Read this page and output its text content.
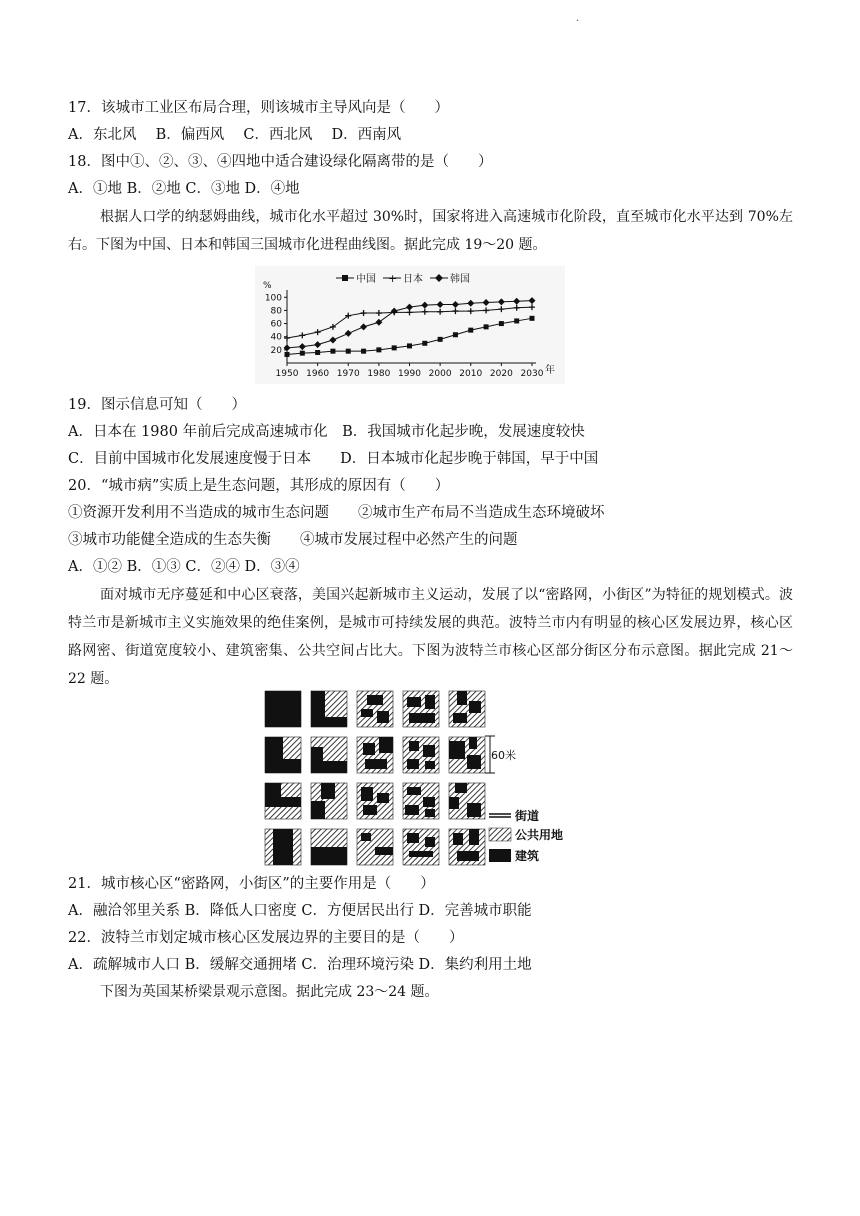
·
17．该城市工业区布局合理，则该城市主导风向是（　　）
A．东北风　 B．偏西风　 C．西北风　 D．西南风
18．图中①、②、③、④四地中适合建设绿化隔离带的是（　　）
A．①地 B．②地 C．③地 D．④地
根据人口学的纳瑟姆曲线，城市化水平超过 30%时，国家将进入高速城市化阶段，直至城市化水平达到 70%左右。下图为中国、日本和韩国三国城市化进程曲线图。据此完成 19～20 题。
中国 + 日本	韩国
%
20
40
60
80
100
1950 1960 1970 1980 1990 2000 2010 2020 2030 年
19．图示信息可知（　　）
A．日本在 1980 年前后完成高速城市化　B．我国城市化起步晚，发展速度较快
C．目前中国城市化发展速度慢于日本　　D．日本城市化起步晚于韩国，早于中国
20．“城市病”实质上是生态问题，其形成的原因有（　　）
①资源开发利用不当造成的城市生态问题　　②城市生产布局不当造成生态环境破坏
③城市功能健全造成的生态失衡　　④城市发展过程中必然产生的问题
A．①② B．①③ C．②④ D．③④
面对城市无序蔓延和中心区衰落，美国兴起新城市主义运动，发展了以“密路网，小街区”为特征的规划模式。波特兰市是新城市主义实施效果的绝佳案例，是城市可持续发展的典范。波特兰市内有明显的核心区发展边界，核心区路网密、街道宽度较小、建筑密集、公共空间占比大。下图为波特兰市核心区部分街区分布示意图。据此完成 21～22 题。
60米
街道
公共用地
建筑
21．城市核心区“密路网，小街区”的主要作用是（　　）
A．融洽邻里关系 B．降低人口密度 C．方便居民出行 D．完善城市职能
22．波特兰市划定城市核心区发展边界的主要目的是（　　）
A．疏解城市人口 B．缓解交通拥堵 C．治理环境污染 D．集约利用土地
下图为英国某桥梁景观示意图。据此完成 23～24 题。
